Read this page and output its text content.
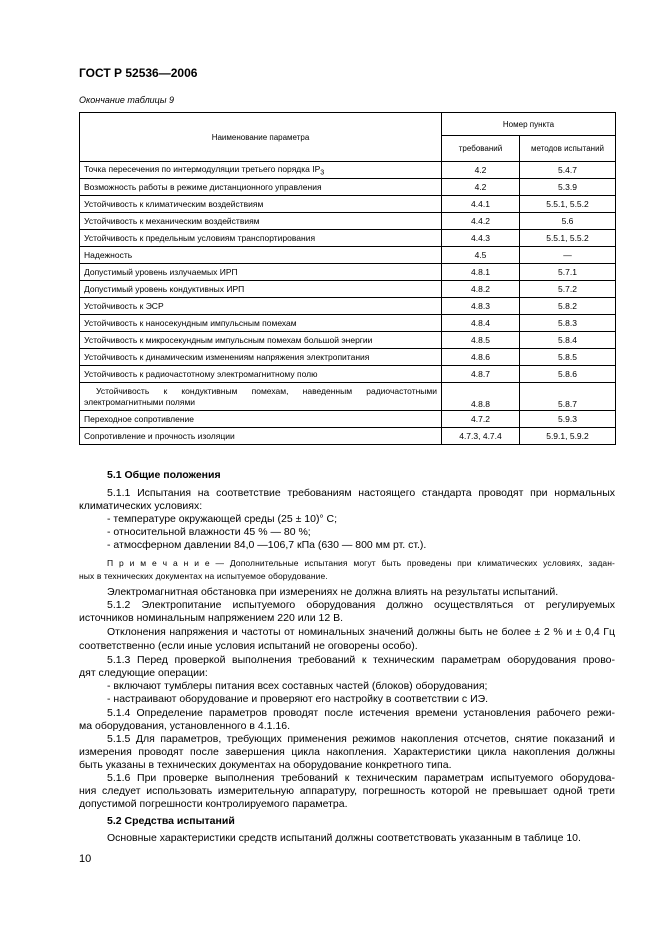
ГОСТ Р 52536—2006
Окончание таблицы 9
Наименование параметра	Номер пункта	
	требований	методов испытаний
Точка пересечения по интермодуляции третьего порядка $IP_3$	4.2	5.4.7
Возможность работы в режиме дистанционного управления	4.2	5.3.9
Устойчивость к климатическим воздействиям	4.4.1	5.5.1, 5.5.2
Устойчивость к механическим воздействиям	4.4.2	5.6
Устойчивость к предельным условиям транспортирования	4.4.3	5.5.1, 5.5.2
Надежность	4.5	—
Допустимый уровень излучаемых ИРП	4.8.1	5.7.1
Допустимый уровень кондуктивных ИРП	4.8.2	5.7.2
Устойчивость к ЭСР	4.8.3	5.8.2
Устойчивость к наносекундным импульсным помехам	4.8.4	5.8.3
Устойчивость к микросекундным импульсным помехам большой энергии	4.8.5	5.8.4
Устойчивость к динамическим изменениям напряжения электропитания	4.8.6	5.8.5
Устойчивость к радиочастотному электромагнитному полю	4.8.7	5.8.6

Устойчивость к кондуктивным помехам, наведенным радиочастотными
электромагнитными полями	4.8.8	5.8.7
Переходное сопротивление	4.7.2	5.9.3
Сопротивление и прочность изоляции	4.7.3, 4.7.4	5.9.1, 5.9.2
5.1 Общие положения
5.1.1 Испытания на соответствие требованиям настоящего стандарта проводят при нормальных
климатических условиях:
- температуре окружающей среды (25 ± 10)° С;
- относительной влажности 45 % — 80 %;
- атмосферном давлении 84,0 —106,7 кПа (630 — 800 мм рт. ст.).
П р и м е ч а н и е — Дополнительные испытания могут быть проведены при климатических условиях, задан-
ных в технических документах на испытуемое оборудование.
Электромагнитная обстановка при измерениях не должна влиять на результаты испытаний.
5.1.2 Электропитание испытуемого оборудования должно осуществляться от регулируемых
источников номинальным напряжением 220 или 12 В.
Отклонения напряжения и частоты от номинальных значений должны быть не более ± 2 % и ± 0,4 Гц
соответственно (если иные условия испытаний не оговорены особо).
5.1.3 Перед проверкой выполнения требований к техническим параметрам оборудования прово-
дят следующие операции:
- включают тумблеры питания всех составных частей (блоков) оборудования;
- настраивают оборудование и проверяют его настройку в соответствии с ИЭ.
5.1.4 Определение параметров проводят после истечения времени установления рабочего режи-
ма оборудования, установленного в 4.1.16.
5.1.5 Для параметров, требующих применения режимов накопления отсчетов, снятие показаний и
измерения проводят после завершения цикла накопления. Характеристики цикла накопления должны
быть указаны в технических документах на оборудование конкретного типа.
5.1.6 При проверке выполнения требований к техническим параметрам испытуемого оборудова-
ния следует использовать измерительную аппаратуру, погрешность которой не превышает одной трети
допустимой погрешности контролируемого параметра.
5.2 Средства испытаний
Основные характеристики средств испытаний должны соответствовать указанным в таблице 10.
10
